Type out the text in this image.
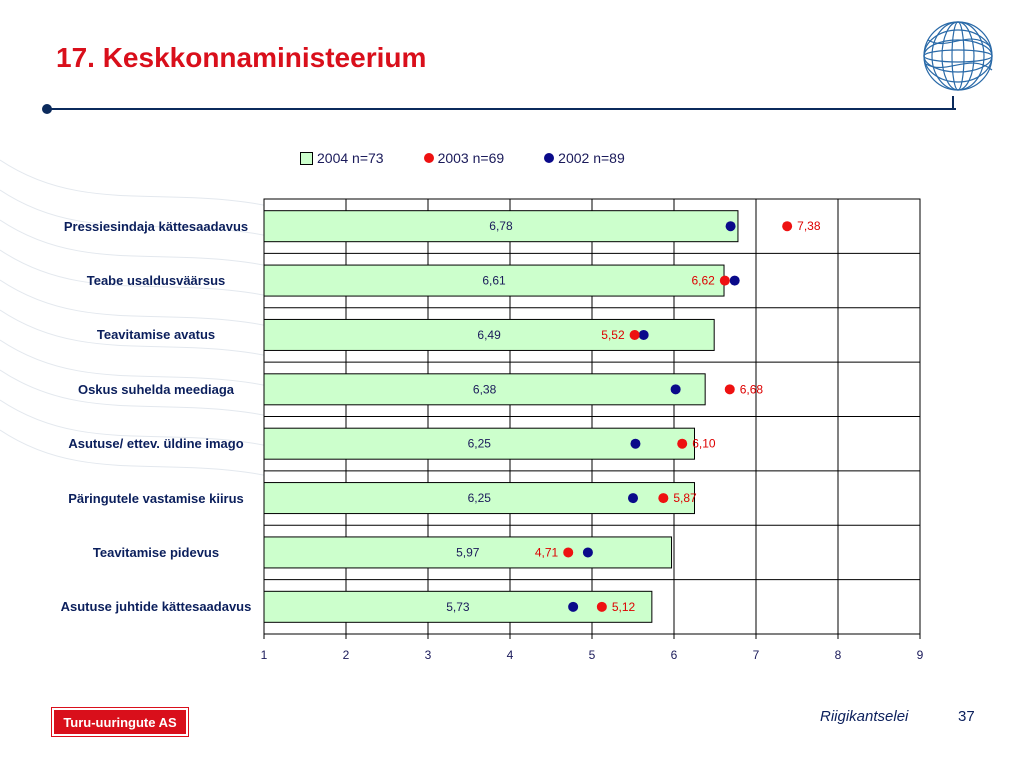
17. Keskkonnaministeerium
2004 n=73	2003 n=69	2002 n=89
Pressiesindaja kättesaadavus
Teabe usaldusväärsus
Teavitamise avatus
Oskus suhelda meediaga
Asutuse/ ettev. üldine imago
Päringutele vastamise kiirus
Teavitamise pidevus
Asutuse juhtide kättesaadavus
1	2	3	4	5	6	7	8	9
6,78	7,38
6,61	6,62
6,49	5,52
6,38	6,68
6,25	6,10
6,25	5,87
5,97	4,71
5,73	5,12
Turu-uuringute AS	Riigikantselei	37
